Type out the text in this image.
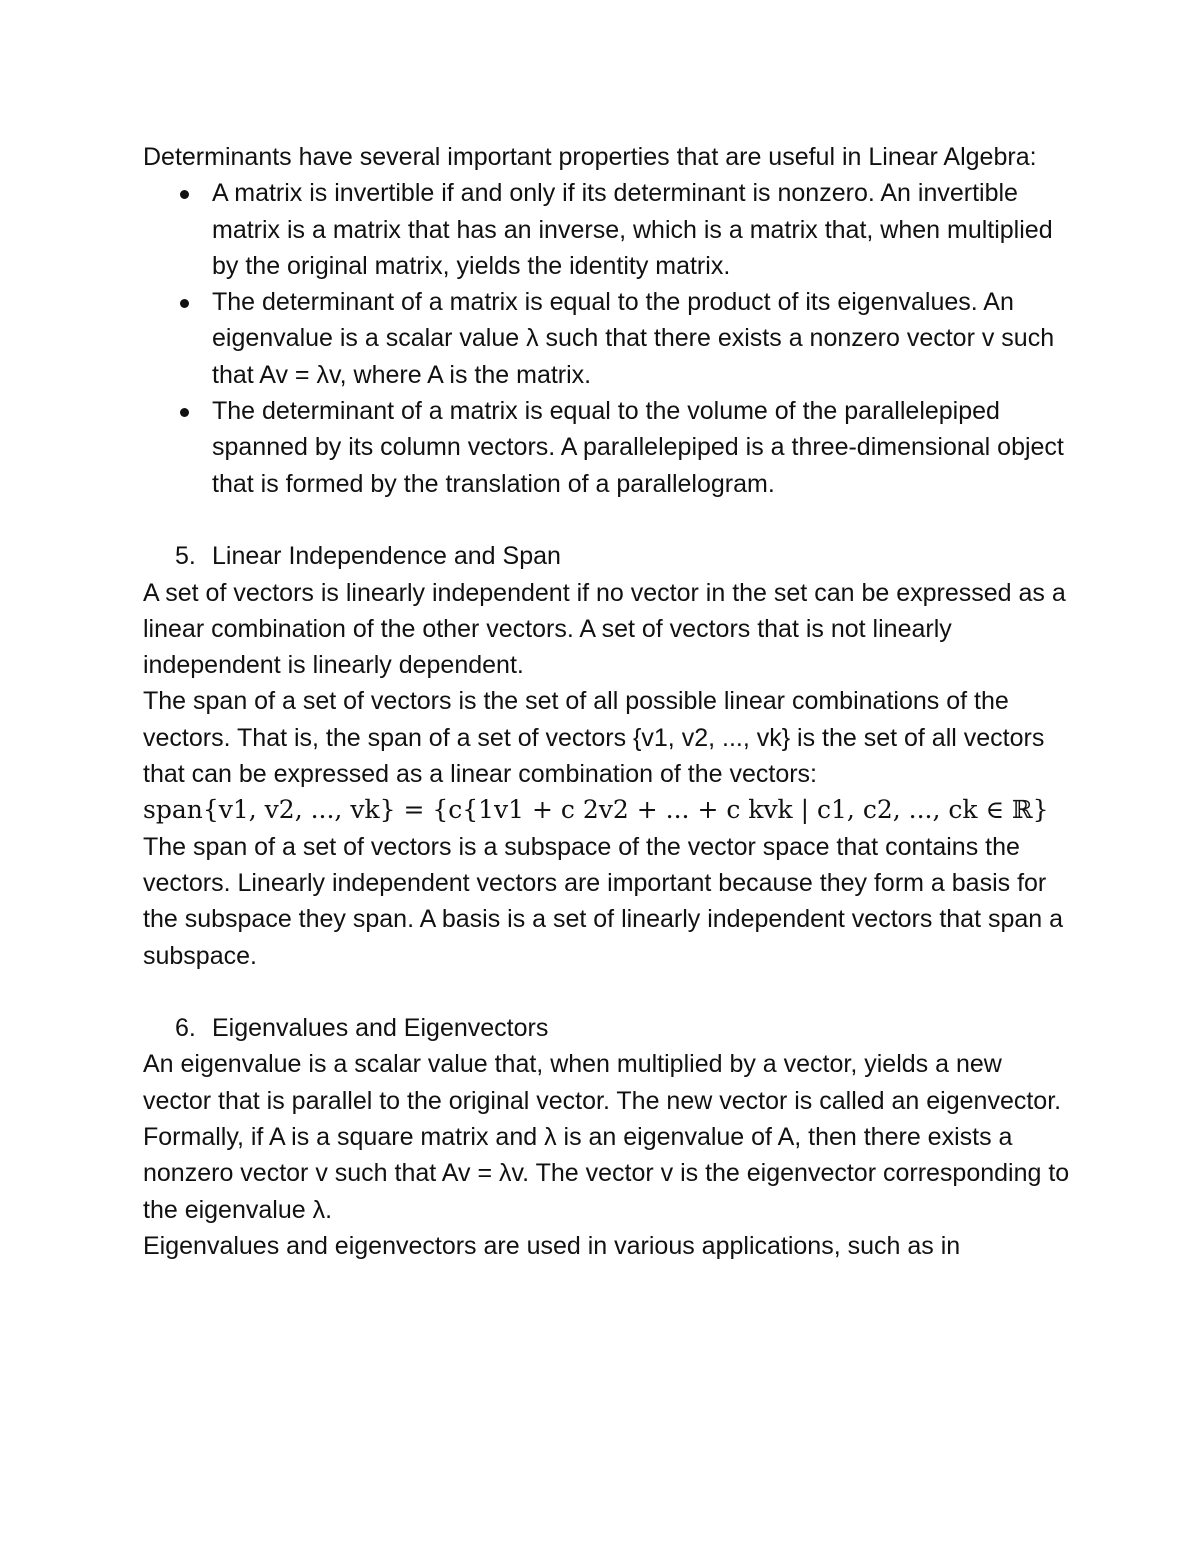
Determinants have several important properties that are useful in Linear Algebra:

A matrix is invertible if and only if its determinant is nonzero. An invertible matrix is a matrix that has an inverse, which is a matrix that, when multiplied by the original matrix, yields the identity matrix.
The determinant of a matrix is equal to the product of its eigenvalues. An eigenvalue is a scalar value λ such that there exists a nonzero vector v such that Av = λv, where A is the matrix.
The determinant of a matrix is equal to the volume of the parallelepiped spanned by its column vectors. A parallelepiped is a three-dimensional object that is formed by the translation of a parallelogram.
5. Linear Independence and Span

A set of vectors is linearly independent if no vector in the set can be expressed as a linear combination of the other vectors. A set of vectors that is not linearly independent is linearly dependent.

The span of a set of vectors is the set of all possible linear combinations of the vectors. That is, the span of a set of vectors {v1, v2, ..., vk} is the set of all vectors that can be expressed as a linear combination of the vectors:

span{v1, v2, ..., vk} = {c{1v1 + c 2v2 + ... + c kvk | c1, c2, ..., ck ∈ ℝ}

The span of a set of vectors is a subspace of the vector space that contains the vectors. Linearly independent vectors are important because they form a basis for the subspace they span. A basis is a set of linearly independent vectors that span a subspace.

6. Eigenvalues and Eigenvectors

An eigenvalue is a scalar value that, when multiplied by a vector, yields a new vector that is parallel to the original vector. The new vector is called an eigenvector.

Formally, if A is a square matrix and λ is an eigenvalue of A, then there exists a nonzero vector v such that Av = λv. The vector v is the eigenvector corresponding to the eigenvalue λ.

Eigenvalues and eigenvectors are used in various applications, such as in
